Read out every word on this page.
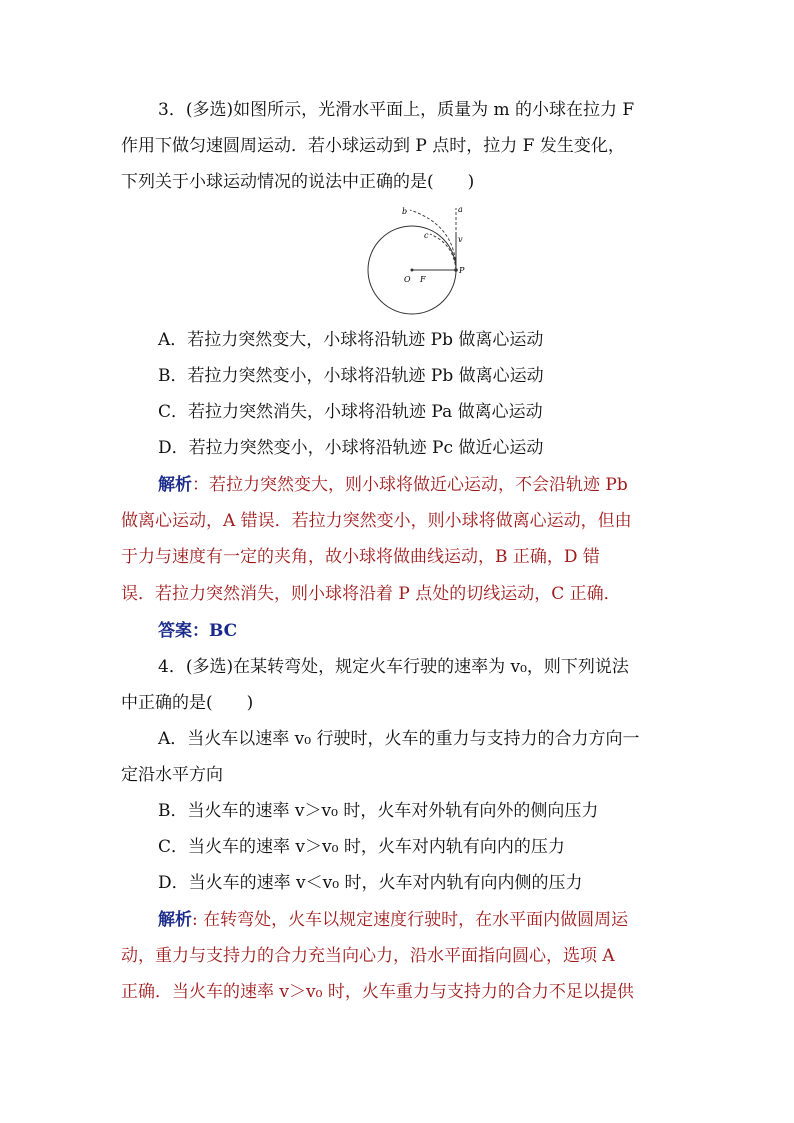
3．(多选)如图所示，光滑水平面上，质量为 m 的小球在拉力 F
作用下做匀速圆周运动．若小球运动到 P 点时，拉力 F 发生变化，
下列关于小球运动情况的说法中正确的是(　　)
a
b
c	v
P
O F
A．若拉力突然变大，小球将沿轨迹 Pb 做离心运动
B．若拉力突然变小，小球将沿轨迹 Pb 做离心运动
C．若拉力突然消失，小球将沿轨迹 Pa 做离心运动
D．若拉力突然变小，小球将沿轨迹 Pc 做近心运动
解析：若拉力突然变大，则小球将做近心运动，不会沿轨迹 Pb
做离心运动，A 错误．若拉力突然变小，则小球将做离心运动，但由
于力与速度有一定的夹角，故小球将做曲线运动，B 正确，D 错
误．若拉力突然消失，则小球将沿着 P 点处的切线运动，C 正确．
答案：BC
4．(多选)在某转弯处，规定火车行驶的速率为 v₀，则下列说法
中正确的是(　　)
A．当火车以速率 v₀ 行驶时，火车的重力与支持力的合力方向一
定沿水平方向
B．当火车的速率 v＞v₀ 时，火车对外轨有向外的侧向压力
C．当火车的速率 v＞v₀ 时，火车对内轨有向内的压力
D．当火车的速率 v＜v₀ 时，火车对内轨有向内侧的压力
解析: 在转弯处，火车以规定速度行驶时，在水平面内做圆周运
动，重力与支持力的合力充当向心力，沿水平面指向圆心，选项 A
正确．当火车的速率 v＞v₀ 时，火车重力与支持力的合力不足以提供
